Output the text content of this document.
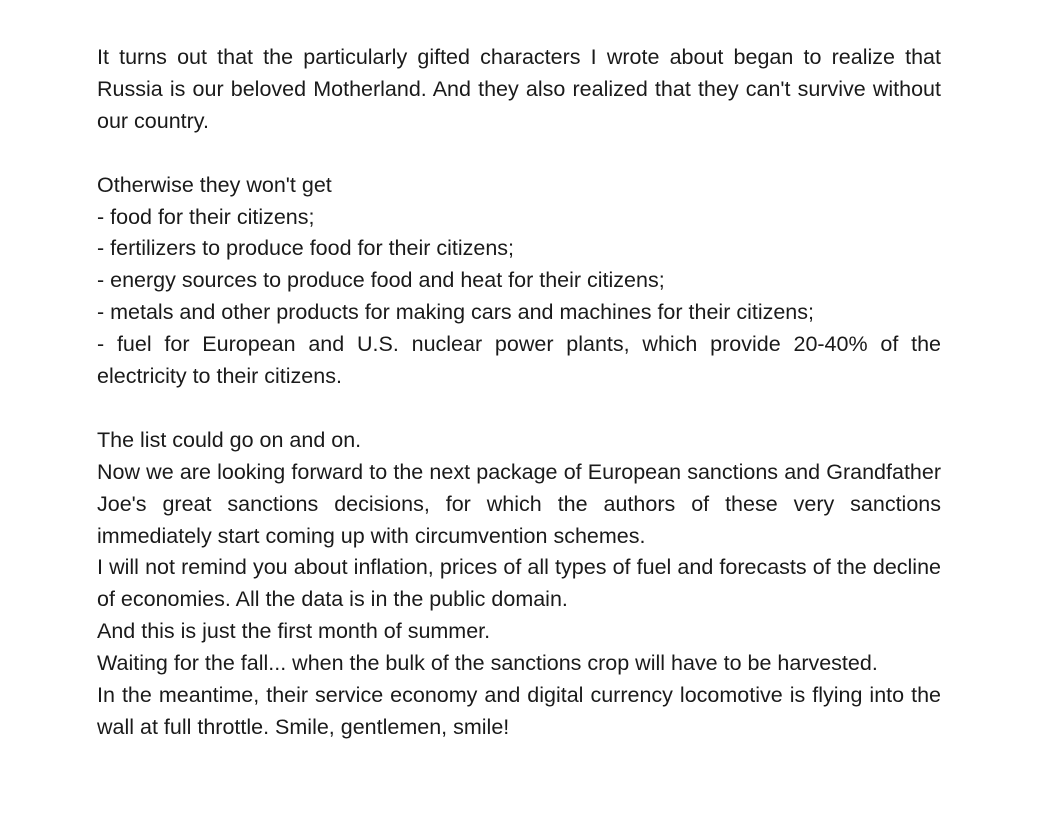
It turns out that the particularly gifted characters I wrote about began to realize that Russia is our beloved Motherland. And they also realized that they can't survive without our country.

Otherwise they won't get

- food for their citizens;
- fertilizers to produce food for their citizens;
- energy sources to produce food and heat for their citizens;
- metals and other products for making cars and machines for their citizens;
- fuel for European and U.S. nuclear power plants, which provide 20-40% of the electricity to their citizens.

The list could go on and on.

Now we are looking forward to the next package of European sanctions and Grandfather Joe's great sanctions decisions, for which the authors of these very sanctions immediately start coming up with circumvention schemes.

I will not remind you about inflation, prices of all types of fuel and forecasts of the decline of economies. All the data is in the public domain.

And this is just the first month of summer.

Waiting for the fall... when the bulk of the sanctions crop will have to be harvested.

In the meantime, their service economy and digital currency locomotive is flying into the wall at full throttle. Smile, gentlemen, smile!
